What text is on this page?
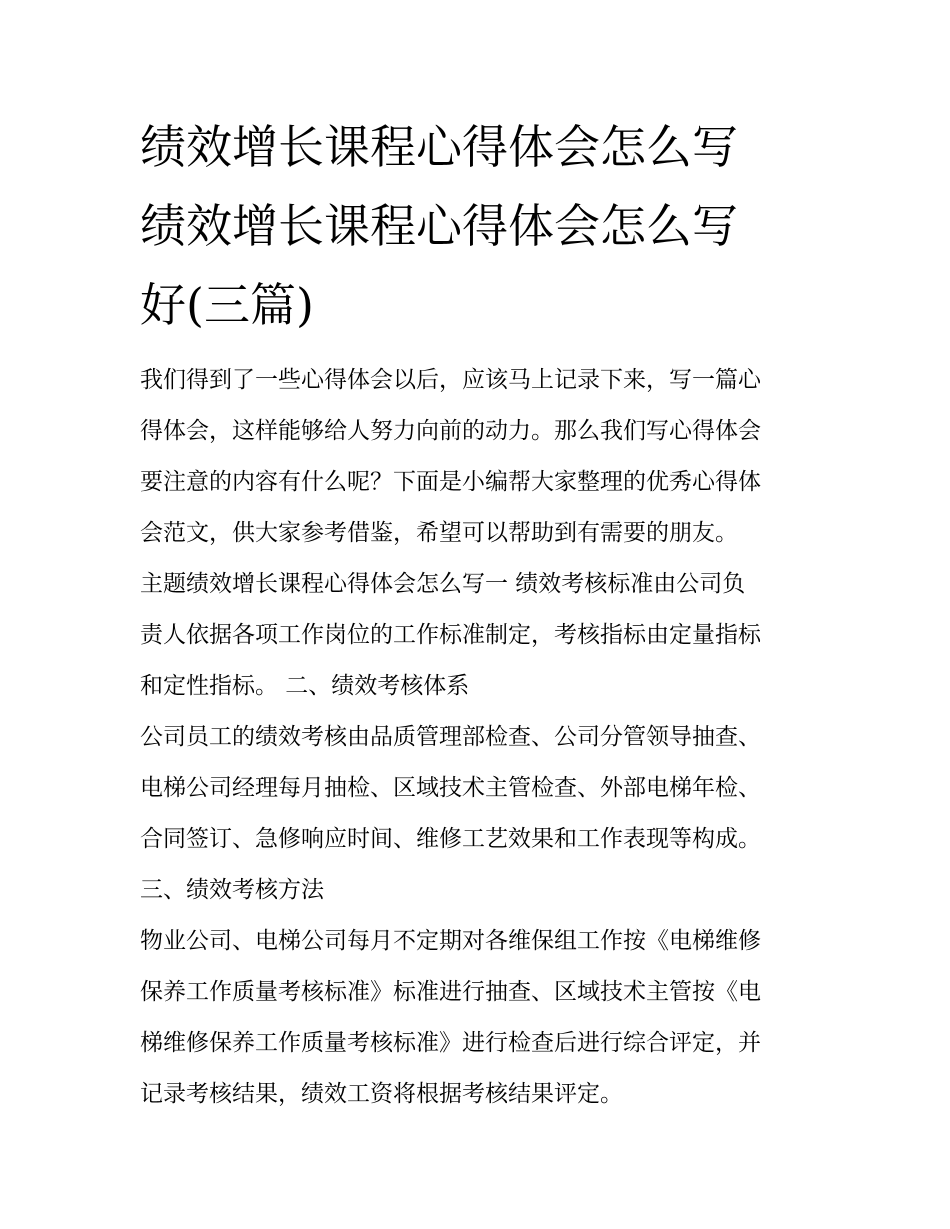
绩效增长课程心得体会怎么写
绩效增长课程心得体会怎么写
好(三篇)
我们得到了一些心得体会以后，应该马上记录下来，写一篇心
得体会，这样能够给人努力向前的动力。那么我们写心得体会
要注意的内容有什么呢？下面是小编帮大家整理的优秀心得体
会范文，供大家参考借鉴，希望可以帮助到有需要的朋友。
主题绩效增长课程心得体会怎么写一 绩效考核标准由公司负
责人依据各项工作岗位的工作标准制定，考核指标由定量指标
和定性指标。 二、绩效考核体系
公司员工的绩效考核由品质管理部检查、公司分管领导抽查、
电梯公司经理每月抽检、区域技术主管检查、外部电梯年检、
合同签订、急修响应时间、维修工艺效果和工作表现等构成。
三、绩效考核方法
物业公司、电梯公司每月不定期对各维保组工作按《电梯维修
保养工作质量考核标准》标准进行抽查、区域技术主管按《电
梯维修保养工作质量考核标准》进行检查后进行综合评定，并
记录考核结果，绩效工资将根据考核结果评定。
